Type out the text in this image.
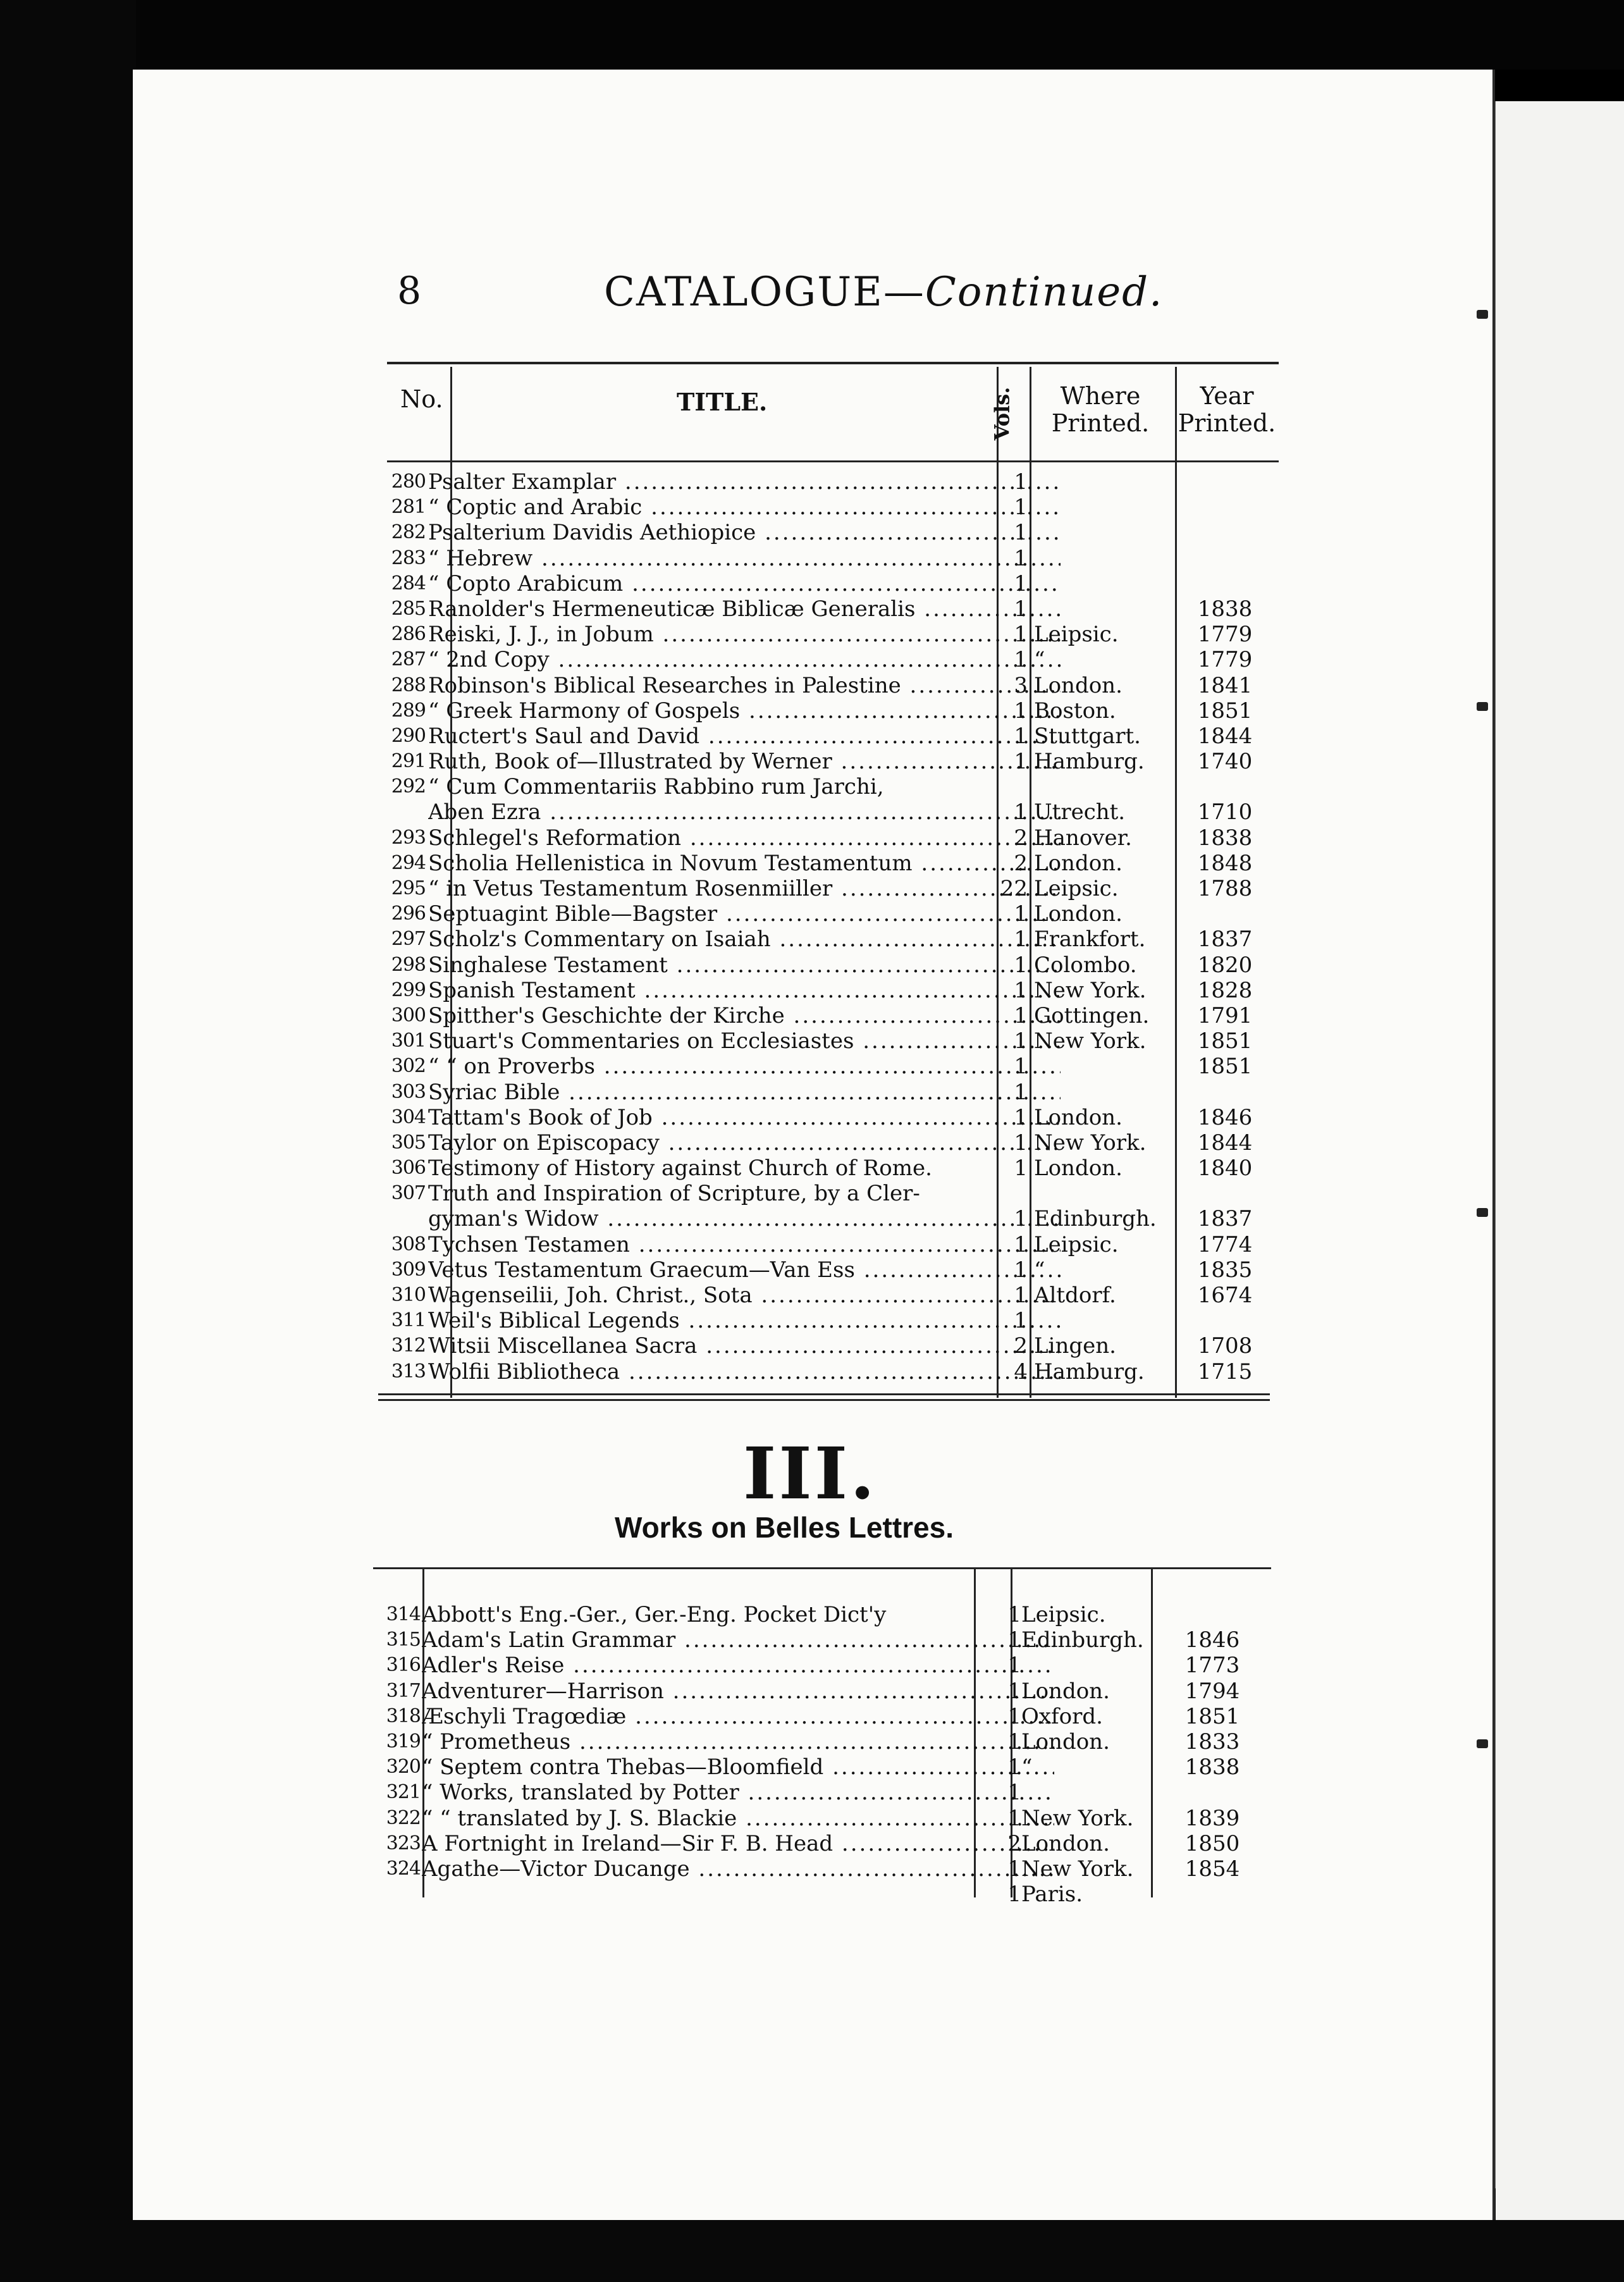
8	CATALOGUE—Continued.
No.	TITLE.	Vols.	Where Printed.
Year Printed.
280 Psalter Examplar .....	1
281 “ Coptic and Arabic .....	1
282 Psalterium Davidis Aethiopice .....	1
283 “ Hebrew .....	1
284 “ Copto Arabicum .....	1
285 Ranolder's Hermeneuticæ Biblicæ Generalis .....	1	1838
286 Reiski, J. J., in Jobum .....	1 Leipsic.	1779
287 “ 2nd Copy .....	1 “	1779
288 Robinson's Biblical Researches in Palestine .....	3 London.	1841
289 “ Greek Harmony of Gospels .....	1 Boston.	1851
290 Ructert's Saul and David .....	1 Stuttgart.	1844
291 Ruth, Book of—Illustrated by Werner .....	1 Hamburg.	1740
292 “ Cum Commentariis Rabbino rum Jarchi,
Aben Ezra .....	1 Utrecht.	1710
293 Schlegel's Reformation .....	2 Hanover.	1838
294 Scholia Hellenistica in Novum Testamentum .....	2 London.	1848
295 “ in Vetus Testamentum Rosenmiiller .....	22 Leipsic.	1788
296 Septuagint Bible—Bagster .....	1 London.
297 Scholz's Commentary on Isaiah .....	1 Frankfort.	1837
298 Singhalese Testament .....	1 Colombo.	1820
299 Spanish Testament .....	1 New York.	1828
300 Spitther's Geschichte der Kirche .....	1 Gottingen.	1791
301 Stuart's Commentaries on Ecclesiastes .....	1 New York.	1851
302 “ “ on Proverbs .....	1	1851
303 Syriac Bible .....	1
304 Tattam's Book of Job .....	1 London.	1846
305 Taylor on Episcopacy .....	1 New York.	1844
306 Testimony of History against Church of Rome.	1 London.	1840
307 Truth and Inspiration of Scripture, by a Cler-
gyman's Widow .....	1 Edinburgh.	1837
308 Tychsen Testamen .....	1 Leipsic.	1774
309 Vetus Testamentum Graecum—Van Ess .....	1 “	1835
310 Wagenseilii, Joh. Christ., Sota .....	1 Altdorf.	1674
311 Weil's Biblical Legends .....	1
312 Witsii Miscellanea Sacra .....	2 Lingen.	1708
313 Wolfii Bibliotheca .....	4 Hamburg.	1715
III.
Works on Belles Lettres.
314 Abbott's Eng.-Ger., Ger.-Eng. Pocket Dict'y	1 Leipsic.
315 Adam's Latin Grammar .....	1 Edinburgh.	1846
316 Adler's Reise .....	1	1773
317 Adventurer—Harrison .....	1 London.	1794
318 Æschyli Tragœdiæ .....	1 Oxford.	1851
319 “ Prometheus .....	1 London.	1833
320 “ Septem contra Thebas—Bloomfield .....	1 “	1838
321 “ Works, translated by Potter .....	1
322 “ “ translated by J. S. Blackie .....	1 New York.	1839
323 A Fortnight in Ireland—Sir F. B. Head .....	2 London.	1850
324 Agathe—Victor Ducange .....	1 New York.	1854
1 Paris.
